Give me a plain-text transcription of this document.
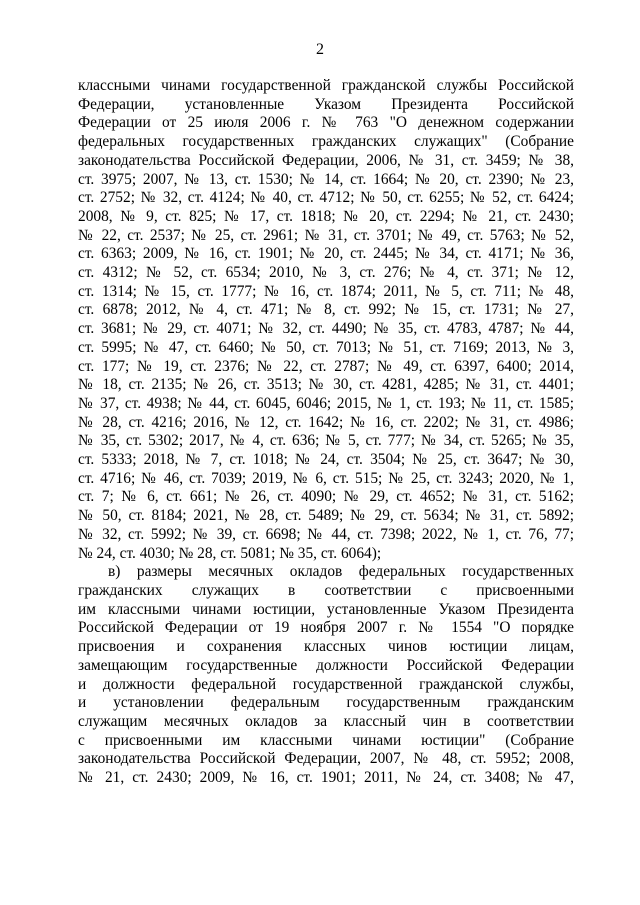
2

классными чинами государственной гражданской службы Российской
Федерации, установленные Указом Президента Российской
Федерации от 25 июля 2006 г. № 763 "О денежном содержании
федеральных государственных гражданских служащих" (Собрание
законодательства Российской Федерации, 2006, № 31, ст. 3459; № 38,
ст. 3975; 2007, № 13, ст. 1530; № 14, ст. 1664; № 20, ст. 2390; № 23,
ст. 2752; № 32, ст. 4124; № 40, ст. 4712; № 50, ст. 6255; № 52, ст. 6424;
2008, № 9, ст. 825; № 17, ст. 1818; № 20, ст. 2294; № 21, ст. 2430;
№ 22, ст. 2537; № 25, ст. 2961; № 31, ст. 3701; № 49, ст. 5763; № 52,
ст. 6363; 2009, № 16, ст. 1901; № 20, ст. 2445; № 34, ст. 4171; № 36,
ст. 4312; № 52, ст. 6534; 2010, № 3, ст. 276; № 4, ст. 371; № 12,
ст. 1314; № 15, ст. 1777; № 16, ст. 1874; 2011, № 5, ст. 711; № 48,
ст. 6878; 2012, № 4, ст. 471; № 8, ст. 992; № 15, ст. 1731; № 27,
ст. 3681; № 29, ст. 4071; № 32, ст. 4490; № 35, ст. 4783, 4787; № 44,
ст. 5995; № 47, ст. 6460; № 50, ст. 7013; № 51, ст. 7169; 2013, № 3,
ст. 177; № 19, ст. 2376; № 22, ст. 2787; № 49, ст. 6397, 6400; 2014,
№ 18, ст. 2135; № 26, ст. 3513; № 30, ст. 4281, 4285; № 31, ст. 4401;
№ 37, ст. 4938; № 44, ст. 6045, 6046; 2015, № 1, ст. 193; № 11, ст. 1585;
№ 28, ст. 4216; 2016, № 12, ст. 1642; № 16, ст. 2202; № 31, ст. 4986;
№ 35, ст. 5302; 2017, № 4, ст. 636; № 5, ст. 777; № 34, ст. 5265; № 35,
ст. 5333; 2018, № 7, ст. 1018; № 24, ст. 3504; № 25, ст. 3647; № 30,
ст. 4716; № 46, ст. 7039; 2019, № 6, ст. 515; № 25, ст. 3243; 2020, № 1,
ст. 7; № 6, ст. 661; № 26, ст. 4090; № 29, ст. 4652; № 31, ст. 5162;
№ 50, ст. 8184; 2021, № 28, ст. 5489; № 29, ст. 5634; № 31, ст. 5892;
№ 32, ст. 5992; № 39, ст. 6698; № 44, ст. 7398; 2022, № 1, ст. 76, 77;
№ 24, ст. 4030; № 28, ст. 5081; № 35, ст. 6064);

в) размеры месячных окладов федеральных государственных
гражданских служащих в соответствии с присвоенными
им классными чинами юстиции, установленные Указом Президента
Российской Федерации от 19 ноября 2007 г. № 1554 "О порядке
присвоения и сохранения классных чинов юстиции лицам,
замещающим государственные должности Российской Федерации
и должности федеральной государственной гражданской службы,
и установлении федеральным государственным гражданским
служащим месячных окладов за классный чин в соответствии
с присвоенными им классными чинами юстиции" (Собрание
законодательства Российской Федерации, 2007, № 48, ст. 5952; 2008,
№ 21, ст. 2430; 2009, № 16, ст. 1901; 2011, № 24, ст. 3408; № 47,
